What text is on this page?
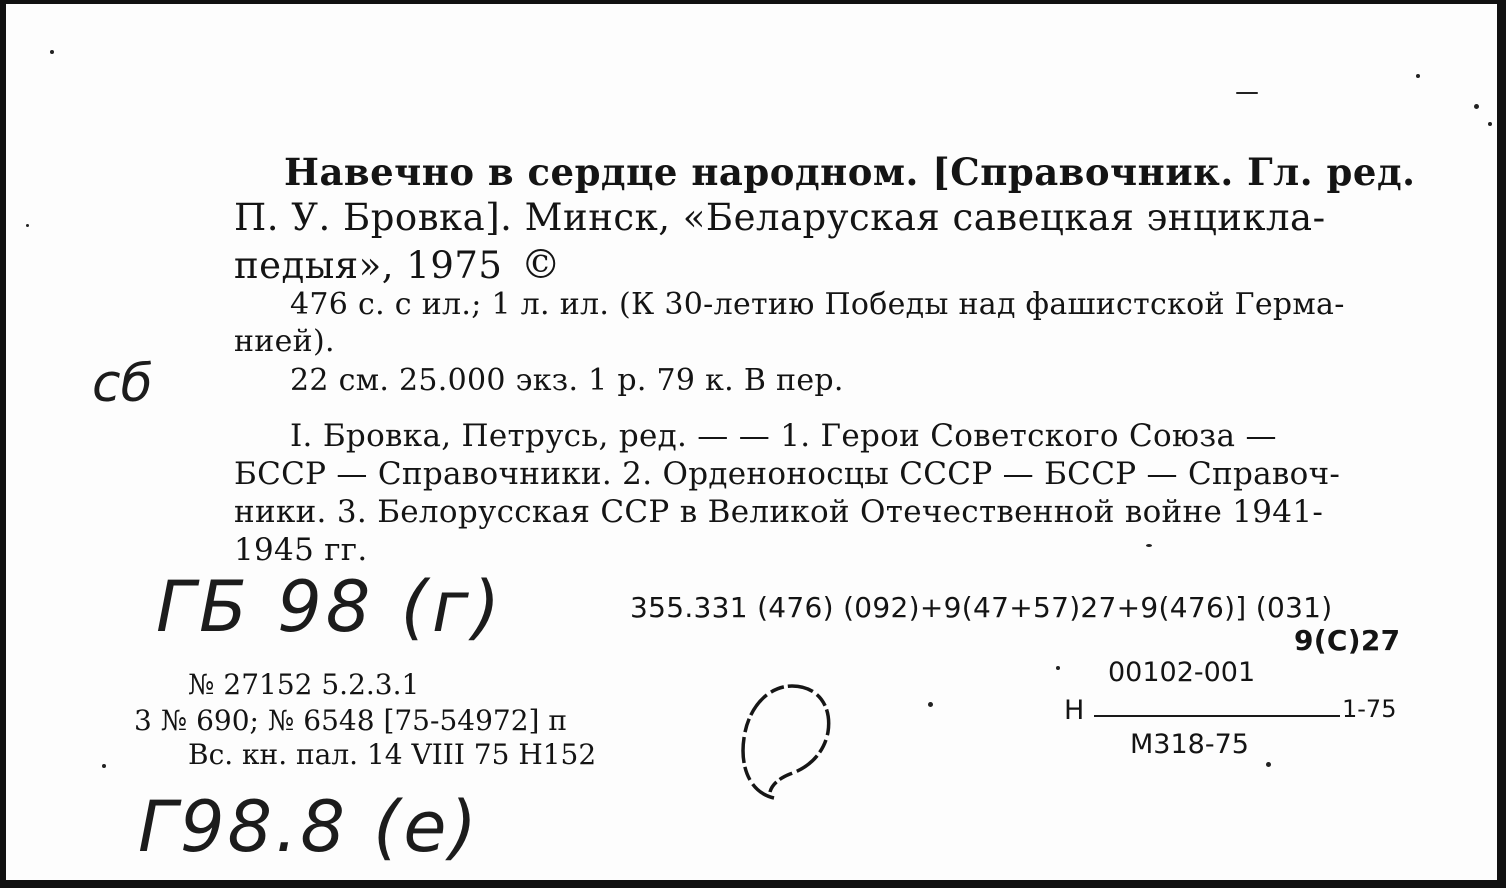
Навечно в сердце народном. [Справочник. Гл. ред.
П. У. Бровка]. Минск, «Беларуская савецкая энцикла-
педыя», 1975 ©
476 с. с ил.; 1 л. ил. (К 30-летию Победы над фашистской Герма-
нией).
22 см. 25.000 экз. 1 р. 79 к. В пер.
сб
I. Бровка, Петрусь, ред. — — 1. Герои Советского Союза —
БССР — Справочники. 2. Орденоносцы СССР — БССР — Справоч-
ники. 3. Белорусская ССР в Великой Отечественной войне 1941-
1945 гг.
ГБ 98 (г)	355.331 (476) (092)+9(47+57)27+9(476)] (031)
9(С)27
№ 27152 5.2.3.1
3 № 690; № 6548 [75-54972] п
Вс. кн. пал. 14 VIII 75 Н152
00102-001
Н	1-75
М318-75
Г98.8 (е)
